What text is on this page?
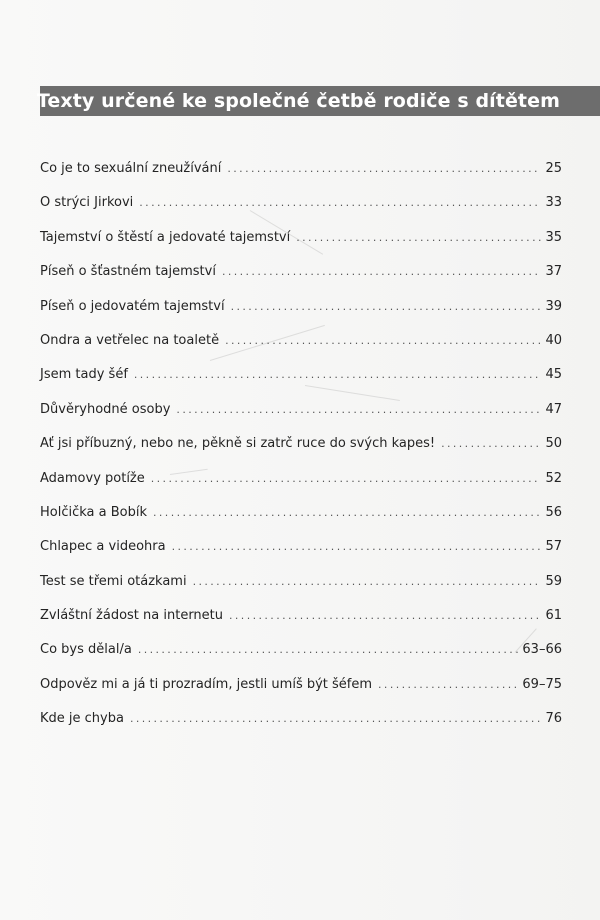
Texty určené ke společné četbě rodiče s dítětem
Co je to sexuální zneužívání .....	25
O strýci Jirkovi .....	33
Tajemství o štěstí a jedovaté tajemství .....	35
Píseň o šťastném tajemství .....	37
Píseň o jedovatém tajemství .....	39
Ondra a vetřelec na toaletě .....	40
Jsem tady šéf .....	45
Důvěryhodné osoby .....	47
Ať jsi příbuzný, nebo ne, pěkně si zatrč ruce do svých kapes! .....	50
Adamovy potíže .....	52
Holčička a Bobík .....	56
Chlapec a videohra .....	57
Test se třemi otázkami .....	59
Zvláštní žádost na internetu .....	61
Co bys dělal/a .....	63–66
Odpověz mi a já ti prozradím, jestli umíš být šéfem .....	69–75
Kde je chyba .....	76
